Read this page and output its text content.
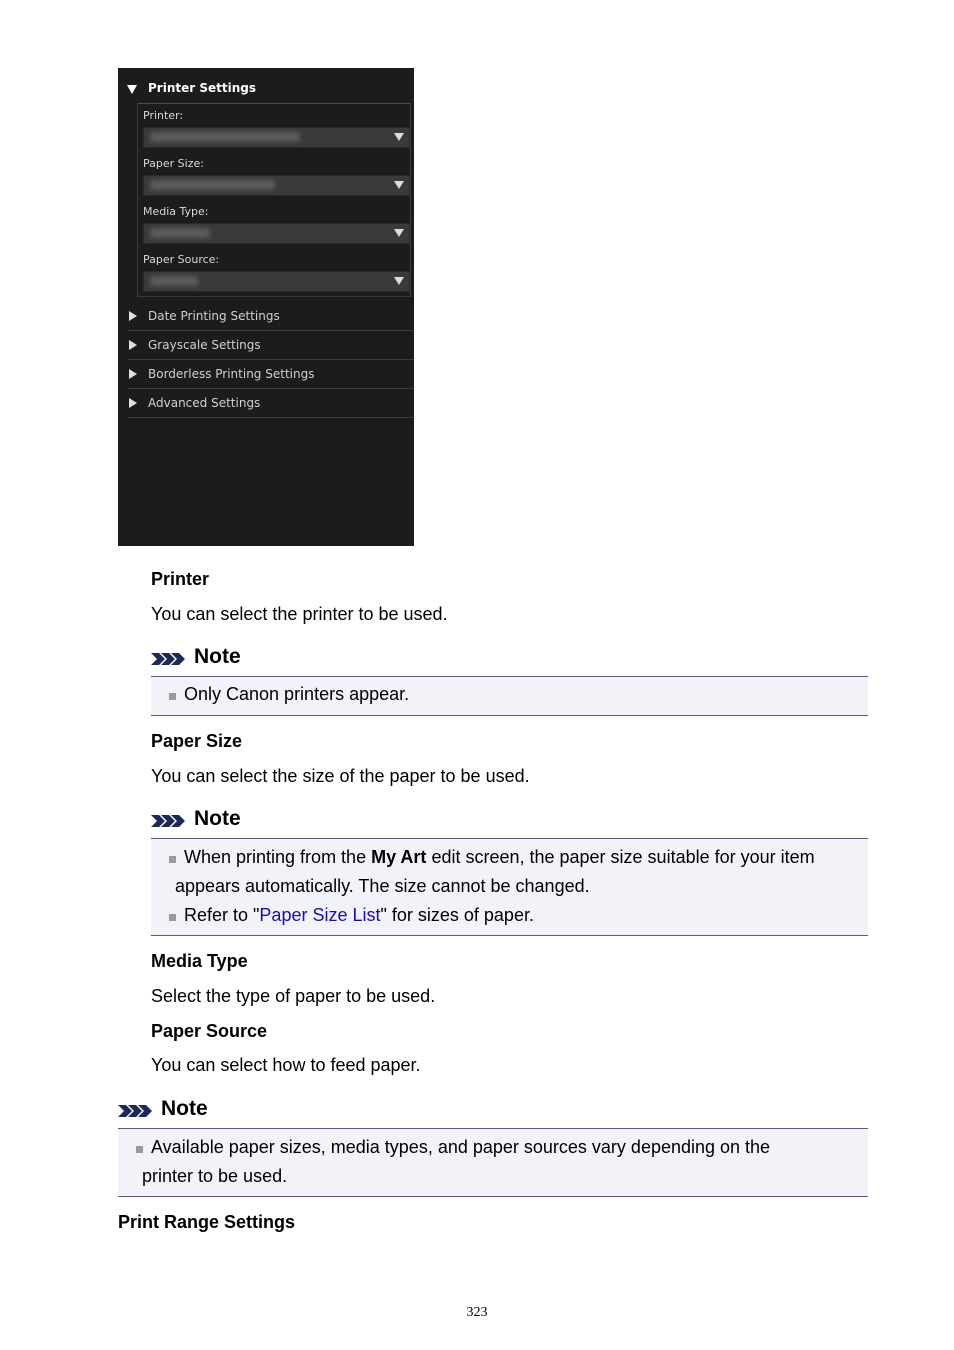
Printer Settings
Printer:
Paper Size:
Media Type:
Paper Source:
Date Printing Settings
Grayscale Settings
Borderless Printing Settings
Advanced Settings
Printer
You can select the printer to be used.
Note
Only Canon printers appear.
Paper Size
You can select the size of the paper to be used.
Note
When printing from the My Art edit screen, the paper size suitable for your item
appears automatically. The size cannot be changed.
Refer to "Paper Size List" for sizes of paper.
Media Type
Select the type of paper to be used.
Paper Source
You can select how to feed paper.
Note
Available paper sizes, media types, and paper sources vary depending on the
printer to be used.
Print Range Settings
323
